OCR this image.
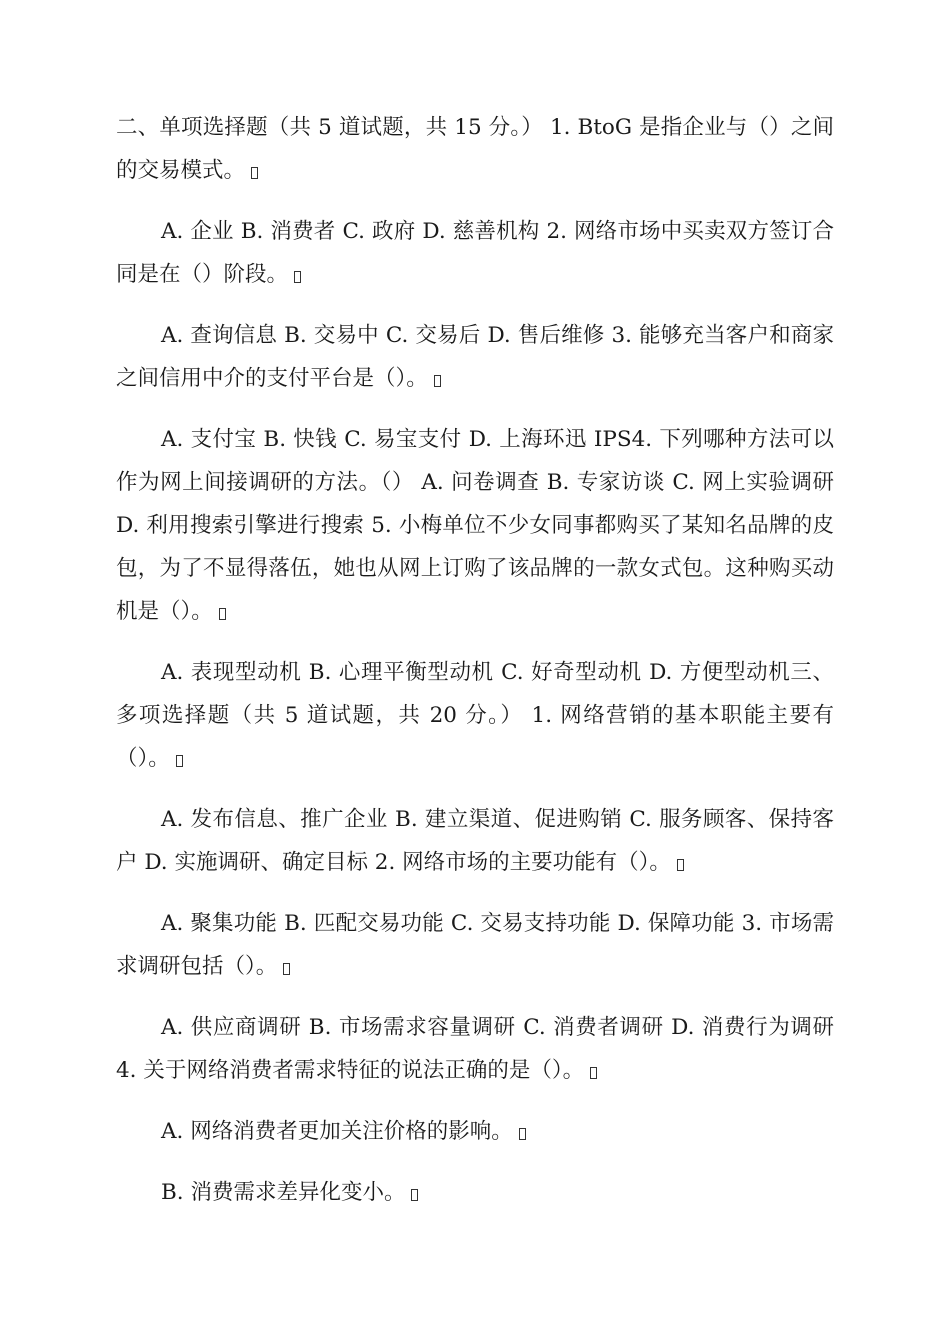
二、单项选择题（共 5 道试题，共 15 分。） 1. BtoG 是指企业与（）之间的交易模式。

A. 企业 B. 消费者 C. 政府 D. 慈善机构 2. 网络市场中买卖双方签订合同是在（）阶段。

A. 查询信息 B. 交易中 C. 交易后 D. 售后维修 3. 能够充当客户和商家之间信用中介的支付平台是（）。

A. 支付宝 B. 快钱 C. 易宝支付 D. 上海环迅 IPS4. 下列哪种方法可以作为网上间接调研的方法。（） A. 问卷调查 B. 专家访谈 C. 网上实验调研 D. 利用搜索引擎进行搜索 5. 小梅单位不少女同事都购买了某知名品牌的皮包，为了不显得落伍，她也从网上订购了该品牌的一款女式包。这种购买动机是（）。

A. 表现型动机 B. 心理平衡型动机 C. 好奇型动机 D. 方便型动机三、多项选择题（共 5 道试题，共 20 分。） 1. 网络营销的基本职能主要有（）。

A. 发布信息、推广企业 B. 建立渠道、促进购销 C. 服务顾客、保持客户 D. 实施调研、确定目标 2. 网络市场的主要功能有（）。

A. 聚集功能 B. 匹配交易功能 C. 交易支持功能 D. 保障功能 3. 市场需求调研包括（）。

A. 供应商调研 B. 市场需求容量调研 C. 消费者调研 D. 消费行为调研 4. 关于网络消费者需求特征的说法正确的是（）。

A. 网络消费者更加关注价格的影响。

B. 消费需求差异化变小。
